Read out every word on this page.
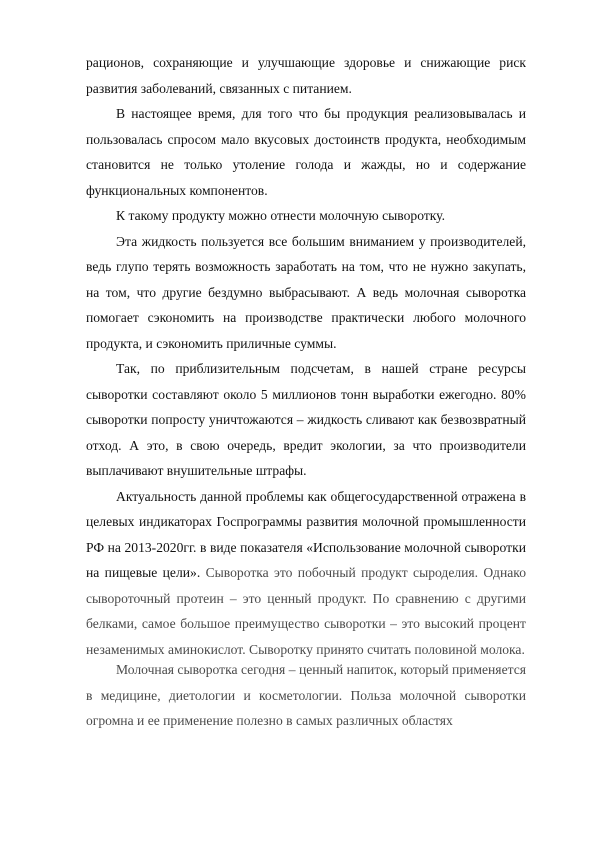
рационов, сохраняющие и улучшающие здоровье и снижающие риск развития заболеваний, связанных с питанием.

В настоящее время, для того что бы продукция реализовывалась и пользовалась спросом мало вкусовых достоинств продукта, необходимым становится не только утоление голода и жажды, но и содержание функциональных компонентов.

К такому продукту можно отнести молочную сыворотку.

Эта жидкость пользуется все большим вниманием у производителей, ведь глупо терять возможность заработать на том, что не нужно закупать, на том, что другие бездумно выбрасывают. А ведь молочная сыворотка помогает сэкономить на производстве практически любого молочного продукта, и сэкономить приличные суммы.

Так, по приблизительным подсчетам, в нашей стране ресурсы сыворотки составляют около 5 миллионов тонн выработки ежегодно. 80% сыворотки попросту уничтожаются – жидкость сливают как безвозвратный отход. А это, в свою очередь, вредит экологии, за что производители выплачивают внушительные штрафы.

Актуальность данной проблемы как общегосударственной отражена в целевых индикаторах Госпрограммы развития молочной промышленности РФ на 2013-2020гг. в виде показателя «Использование молочной сыворотки на пищевые цели». Сыворотка это побочный продукт сыроделия. Однако сывороточный протеин – это ценный продукт. По сравнению с другими белками, самое большое преимущество сыворотки – это высокий процент незаменимых аминокислот. Сыворотку принято считать половиной молока.

Молочная сыворотка сегодня – ценный напиток, который применяется в медицине, диетологии и косметологии. Польза молочной сыворотки огромна и ее применение полезно в самых различных областях
